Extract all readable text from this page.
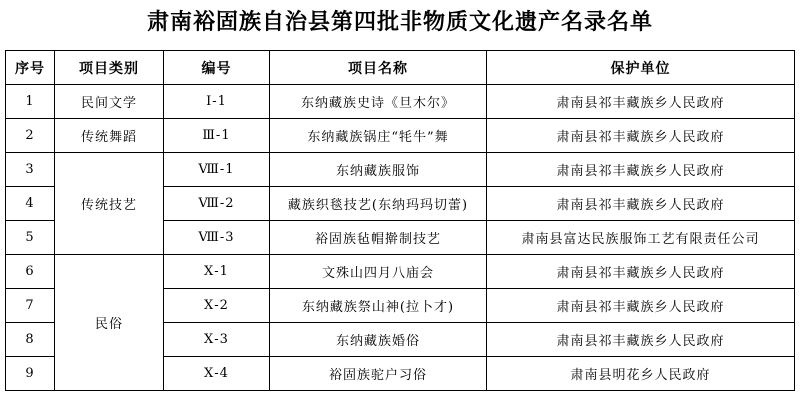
肃南裕固族自治县第四批非物质文化遗产名录名单
序号	项目类别	编号	项目名称	保护单位
1	民间文学	Ⅰ-1	东纳藏族史诗《旦木尔》	肃南县祁丰藏族乡人民政府
2	传统舞蹈	Ⅲ-1	东纳藏族锅庄“牦牛”舞	肃南县祁丰藏族乡人民政府
3	传统技艺	Ⅷ-1	东纳藏族服饰	肃南县祁丰藏族乡人民政府
4		Ⅷ-2	藏族织毯技艺(东纳玛玛切蕾)	肃南县祁丰藏族乡人民政府
5		Ⅷ-3	裕固族毡帽擀制技艺	肃南县富达民族服饰工艺有限责任公司
6	民俗	Ⅹ-1	文殊山四月八庙会	肃南县祁丰藏族乡人民政府
7		Ⅹ-2	东纳藏族祭山神(拉卜才)	肃南县祁丰藏族乡人民政府
8		Ⅹ-3	东纳藏族婚俗	肃南县祁丰藏族乡人民政府
9		Ⅹ-4	裕固族驼户习俗	肃南县明花乡人民政府
